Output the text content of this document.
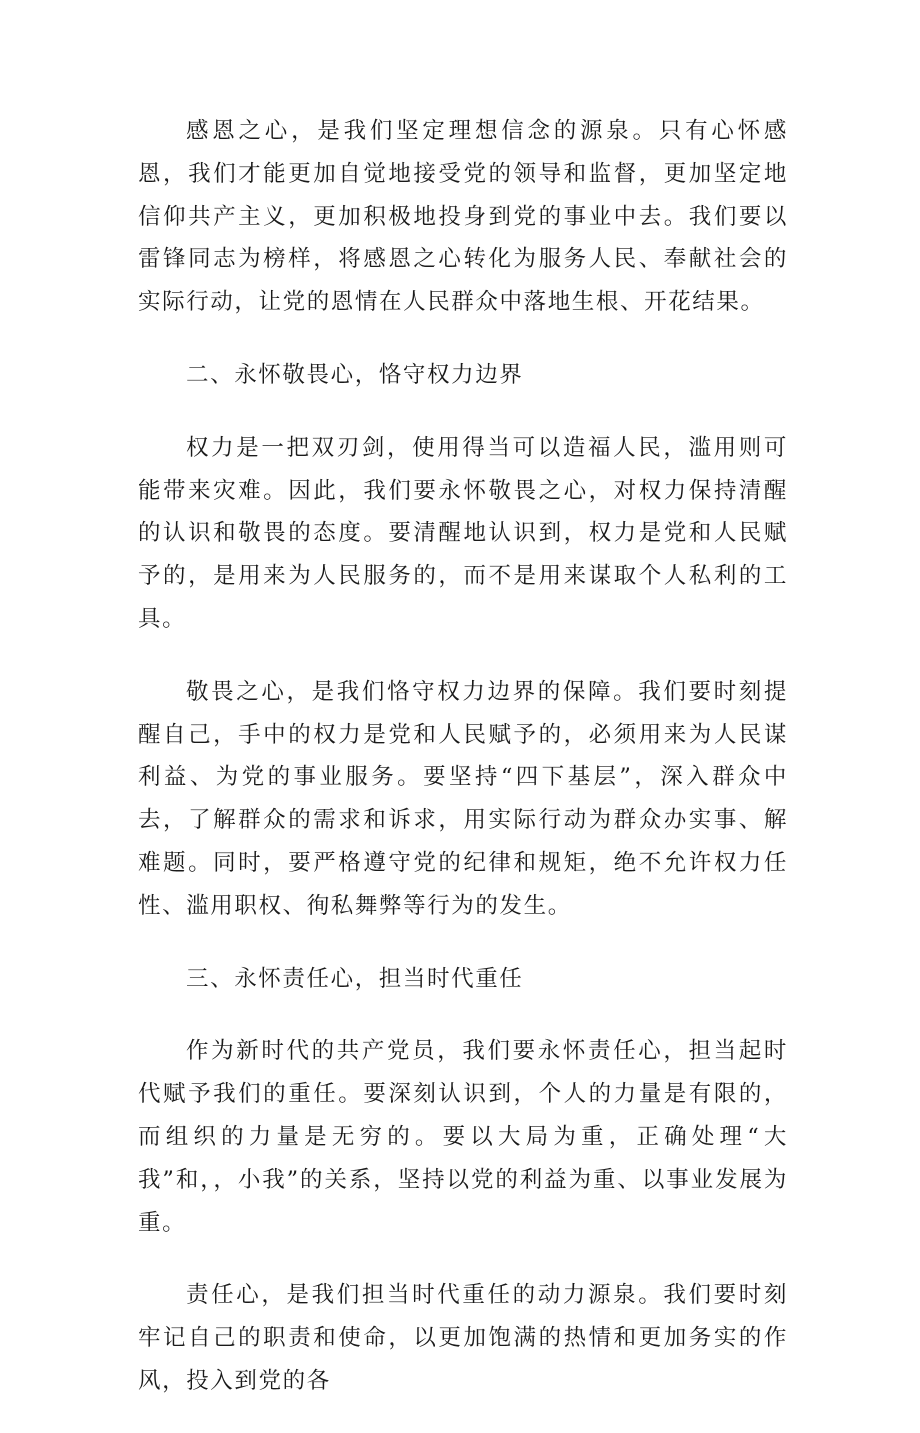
感恩之心，是我们坚定理想信念的源泉。只有心怀感恩，我们才能更加自觉地接受党的领导和监督，更加坚定地信仰共产主义，更加积极地投身到党的事业中去。我们要以雷锋同志为榜样，将感恩之心转化为服务人民、奉献社会的实际行动，让党的恩情在人民群众中落地生根、开花结果。

二、永怀敬畏心，恪守权力边界

权力是一把双刃剑，使用得当可以造福人民，滥用则可能带来灾难。因此，我们要永怀敬畏之心，对权力保持清醒的认识和敬畏的态度。要清醒地认识到，权力是党和人民赋予的，是用来为人民服务的，而不是用来谋取个人私利的工具。

敬畏之心，是我们恪守权力边界的保障。我们要时刻提醒自己，手中的权力是党和人民赋予的，必须用来为人民谋利益、为党的事业服务。要坚持“四下基层”，深入群众中去，了解群众的需求和诉求，用实际行动为群众办实事、解难题。同时，要严格遵守党的纪律和规矩，绝不允许权力任性、滥用职权、徇私舞弊等行为的发生。

三、永怀责任心，担当时代重任

作为新时代的共产党员，我们要永怀责任心，担当起时代赋予我们的重任。要深刻认识到，个人的力量是有限的，而组织的力量是无穷的。要以大局为重，正确处理“大我”和，，小我”的关系，坚持以党的利益为重、以事业发展为重。

责任心，是我们担当时代重任的动力源泉。我们要时刻牢记自己的职责和使命，以更加饱满的热情和更加务实的作风，投入到党的各
